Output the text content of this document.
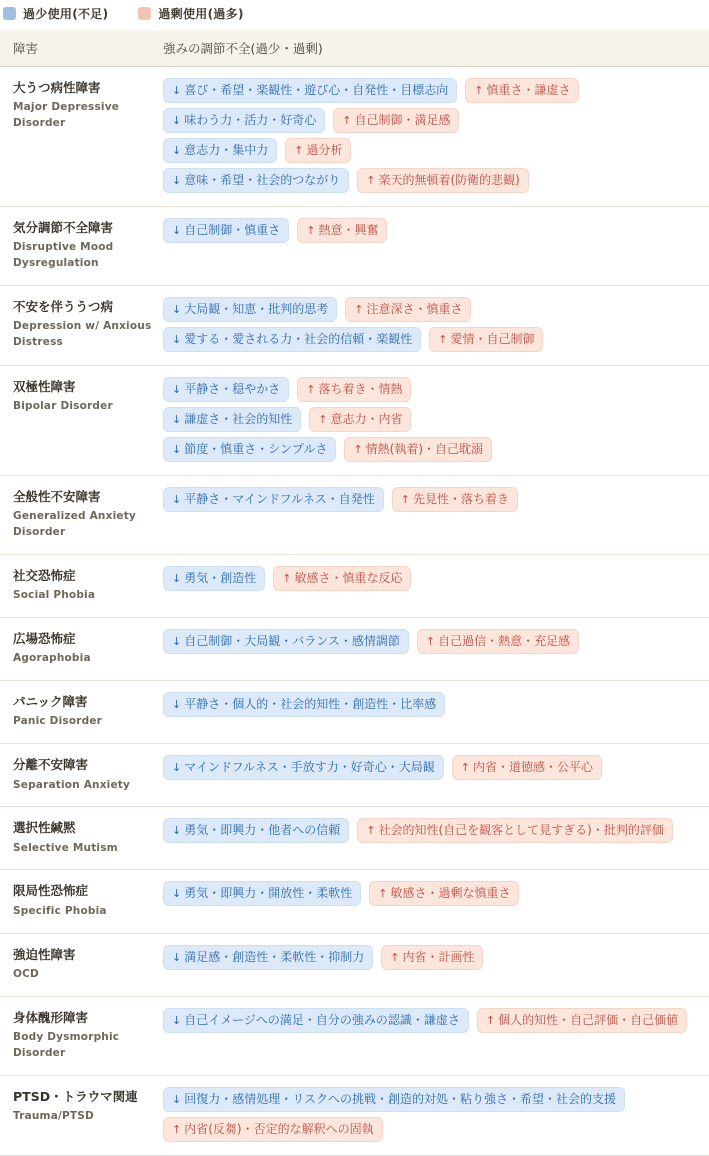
過少使用(不足)	過剰使用(過多)
障害	強みの調節不全(過少・過剰)
大うつ病性障害
Major Depressive Disorder
↓ 喜び・希望・楽観性・遊び心・自発性・目標志向 ↑ 慎重さ・謙虚さ
↓ 味わう力・活力・好奇心 ↑ 自己制御・満足感
↓ 意志力・集中力 ↑ 過分析
↓ 意味・希望・社会的つながり ↑ 楽天的無頓着(防衛的悲観)
気分調節不全障害
Disruptive Mood Dysregulation
↓ 自己制御・慎重さ ↑ 熱意・興奮
不安を伴ううつ病
Depression w/ Anxious Distress
↓ 大局観・知恵・批判的思考 ↑ 注意深さ・慎重さ
↓ 愛する・愛される力・社会的信頼・楽観性 ↑ 愛情・自己制御
双極性障害
Bipolar Disorder
↓ 平静さ・穏やかさ ↑ 落ち着き・情熱
↓ 謙虚さ・社会的知性 ↑ 意志力・内省
↓ 節度・慎重さ・シンプルさ ↑ 情熱(執着)・自己耽溺
全般性不安障害
Generalized Anxiety Disorder
↓ 平静さ・マインドフルネス・自発性 ↑ 先見性・落ち着き
社交恐怖症
Social Phobia
↓ 勇気・創造性 ↑ 敏感さ・慎重な反応
広場恐怖症
Agoraphobia
↓ 自己制御・大局観・バランス・感情調節 ↑ 自己過信・熱意・充足感
パニック障害
Panic Disorder
↓ 平静さ・個人的・社会的知性・創造性・比率感
分離不安障害
Separation Anxiety
↓ マインドフルネス・手放す力・好奇心・大局観 ↑ 内省・道徳感・公平心
選択性緘黙
Selective Mutism
↓ 勇気・即興力・他者への信頼 ↑ 社会的知性(自己を観客として見すぎる)・批判的評価
限局性恐怖症
Specific Phobia
↓ 勇気・即興力・開放性・柔軟性 ↑ 敏感さ・過剰な慎重さ
強迫性障害
OCD
↓ 満足感・創造性・柔軟性・抑制力 ↑ 内省・計画性
身体醜形障害
Body Dysmorphic Disorder
↓ 自己イメージへの満足・自分の強みの認識・謙虚さ ↑ 個人的知性・自己評価・自己価値
PTSD・トラウマ関連
Trauma/PTSD
↓ 回復力・感情処理・リスクへの挑戦・創造的対処・粘り強さ・希望・社会的支援
↑ 内省(反芻)・否定的な解釈への固執
